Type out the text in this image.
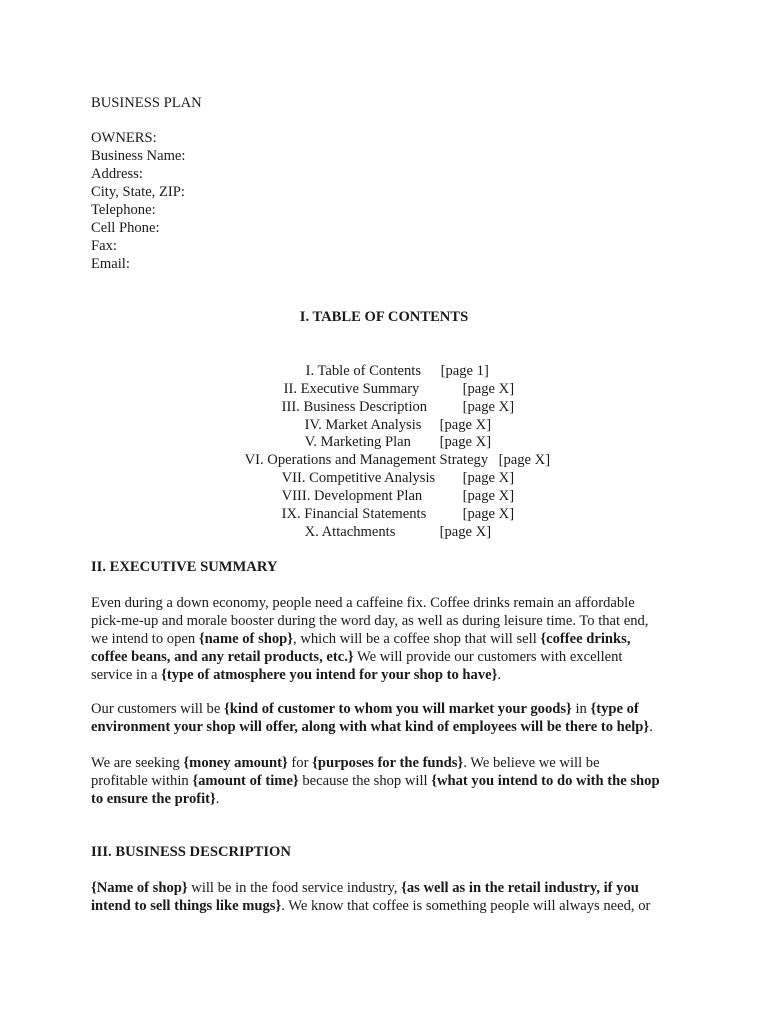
BUSINESS PLAN
OWNERS:
Business Name:
Address:
City, State, ZIP:
Telephone:
Cell Phone:
Fax:
Email:
I. TABLE OF CONTENTS

I. Table of Contents [page 1]

II. Executive Summary	[page X]

III. Business Description [page X]

IV. Market Analysis [page X]

V. Marketing Plan [page X]

VI. Operations and Management Strategy [page X]

VII. Competitive Analysis [page X]

VIII. Development Plan	[page X]

IX. Financial Statements [page X]

X. Attachments	[page X]

II. EXECUTIVE SUMMARY
Even during a down economy, people need a caffeine fix. Coffee drinks remain an affordable
pick-me-up and morale booster during the word day, as well as during leisure time. To that end,
we intend to open {name of shop}, which will be a coffee shop that will sell {coffee drinks,
coffee beans, and any retail products, etc.} We will provide our customers with excellent
service in a {type of atmosphere you intend for your shop to have}.
Our customers will be {kind of customer to whom you will market your goods} in {type of
environment your shop will offer, along with what kind of employees will be there to help}.
We are seeking {money amount} for {purposes for the funds}. We believe we will be
profitable within {amount of time} because the shop will {what you intend to do with the shop
to ensure the profit}.
III. BUSINESS DESCRIPTION
{Name of shop} will be in the food service industry, {as well as in the retail industry, if you
intend to sell things like mugs}. We know that coffee is something people will always need, or
